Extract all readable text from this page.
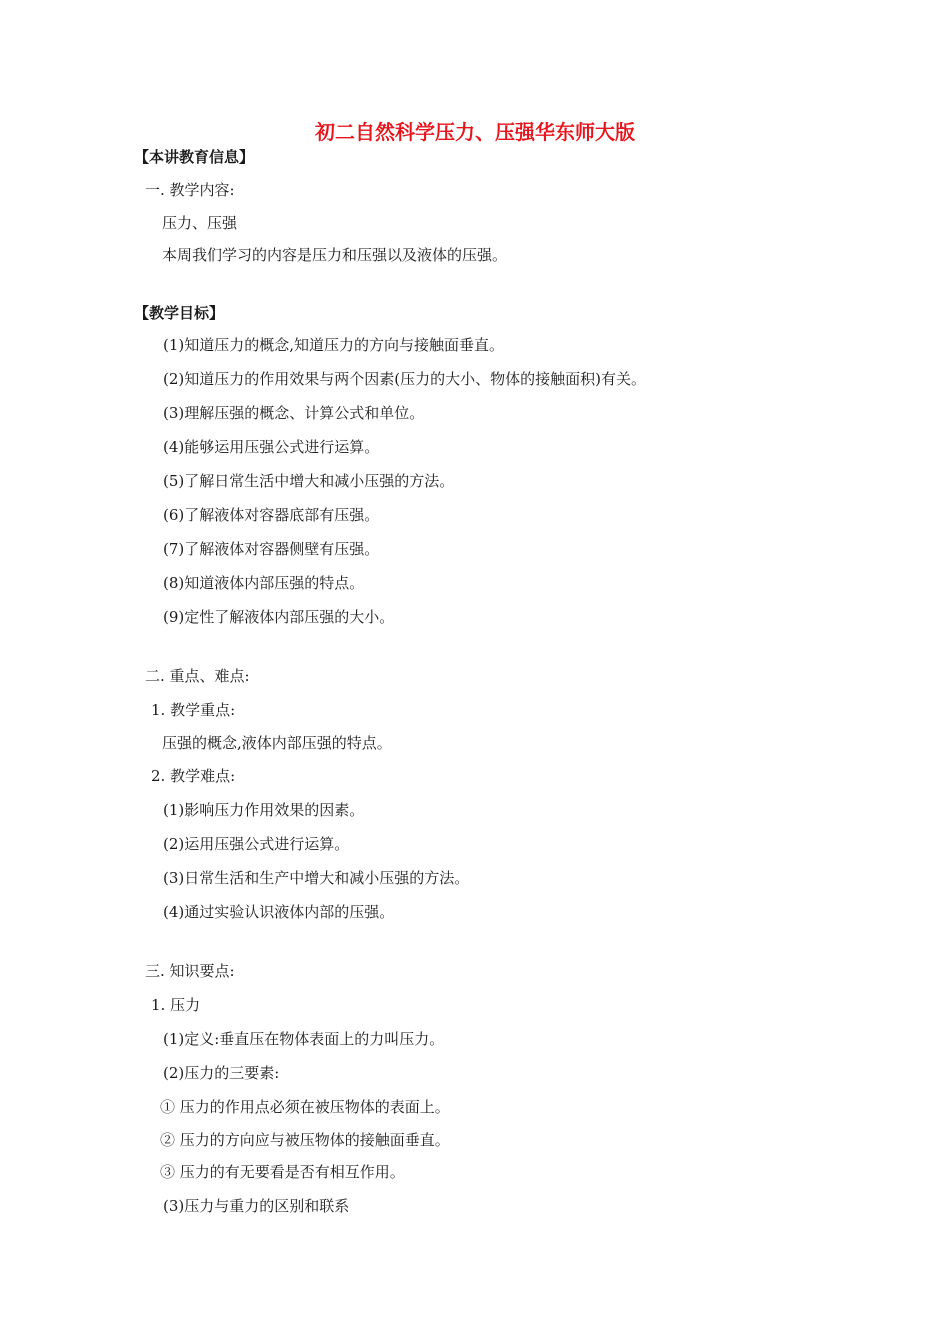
初二自然科学压力、压强华东师大版
【本讲教育信息】
一. 教学内容:
压力、压强
本周我们学习的内容是压力和压强以及液体的压强。
【教学目标】
(1)知道压力的概念,知道压力的方向与接触面垂直。
(2)知道压力的作用效果与两个因素(压力的大小、物体的接触面积)有关。
(3)理解压强的概念、计算公式和单位。
(4)能够运用压强公式进行运算。
(5)了解日常生活中增大和减小压强的方法。
(6)了解液体对容器底部有压强。
(7)了解液体对容器侧壁有压强。
(8)知道液体内部压强的特点。
(9)定性了解液体内部压强的大小。
二. 重点、难点:
1. 教学重点:
压强的概念,液体内部压强的特点。
2. 教学难点:
(1)影响压力作用效果的因素。
(2)运用压强公式进行运算。
(3)日常生活和生产中增大和减小压强的方法。
(4)通过实验认识液体内部的压强。
三. 知识要点:
1. 压力
(1)定义:垂直压在物体表面上的力叫压力。
(2)压力的三要素:
① 压力的作用点必须在被压物体的表面上。
② 压力的方向应与被压物体的接触面垂直。
③ 压力的有无要看是否有相互作用。
(3)压力与重力的区别和联系
